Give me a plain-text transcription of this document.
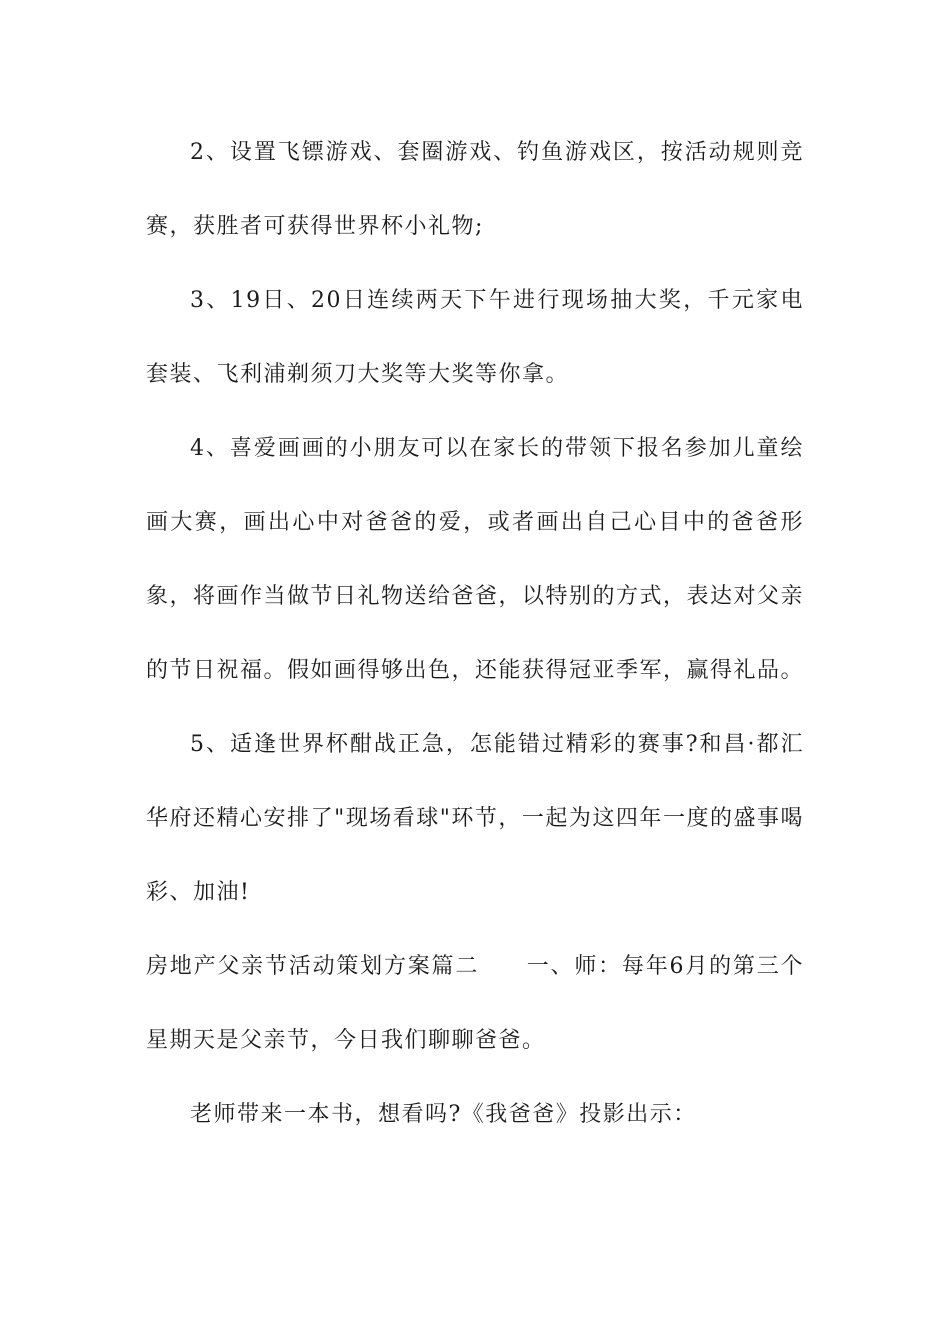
2、设置飞镖游戏、套圈游戏、钓鱼游戏区，按活动规则竞赛，获胜者可获得世界杯小礼物;

3、19日、20日连续两天下午进行现场抽大奖，千元家电套装、飞利浦剃须刀大奖等大奖等你拿。

4、喜爱画画的小朋友可以在家长的带领下报名参加儿童绘画大赛，画出心中对爸爸的爱，或者画出自己心目中的爸爸形象，将画作当做节日礼物送给爸爸，以特别的方式，表达对父亲的节日祝福。假如画得够出色，还能获得冠亚季军，赢得礼品。

5、适逢世界杯酣战正急，怎能错过精彩的赛事?和昌·都汇华府还精心安排了"现场看球"环节，一起为这四年一度的盛事喝彩、加油!

房地产父亲节活动策划方案篇二　　一、师：每年6月的第三个星期天是父亲节，今日我们聊聊爸爸。

老师带来一本书，想看吗?《我爸爸》投影出示：
